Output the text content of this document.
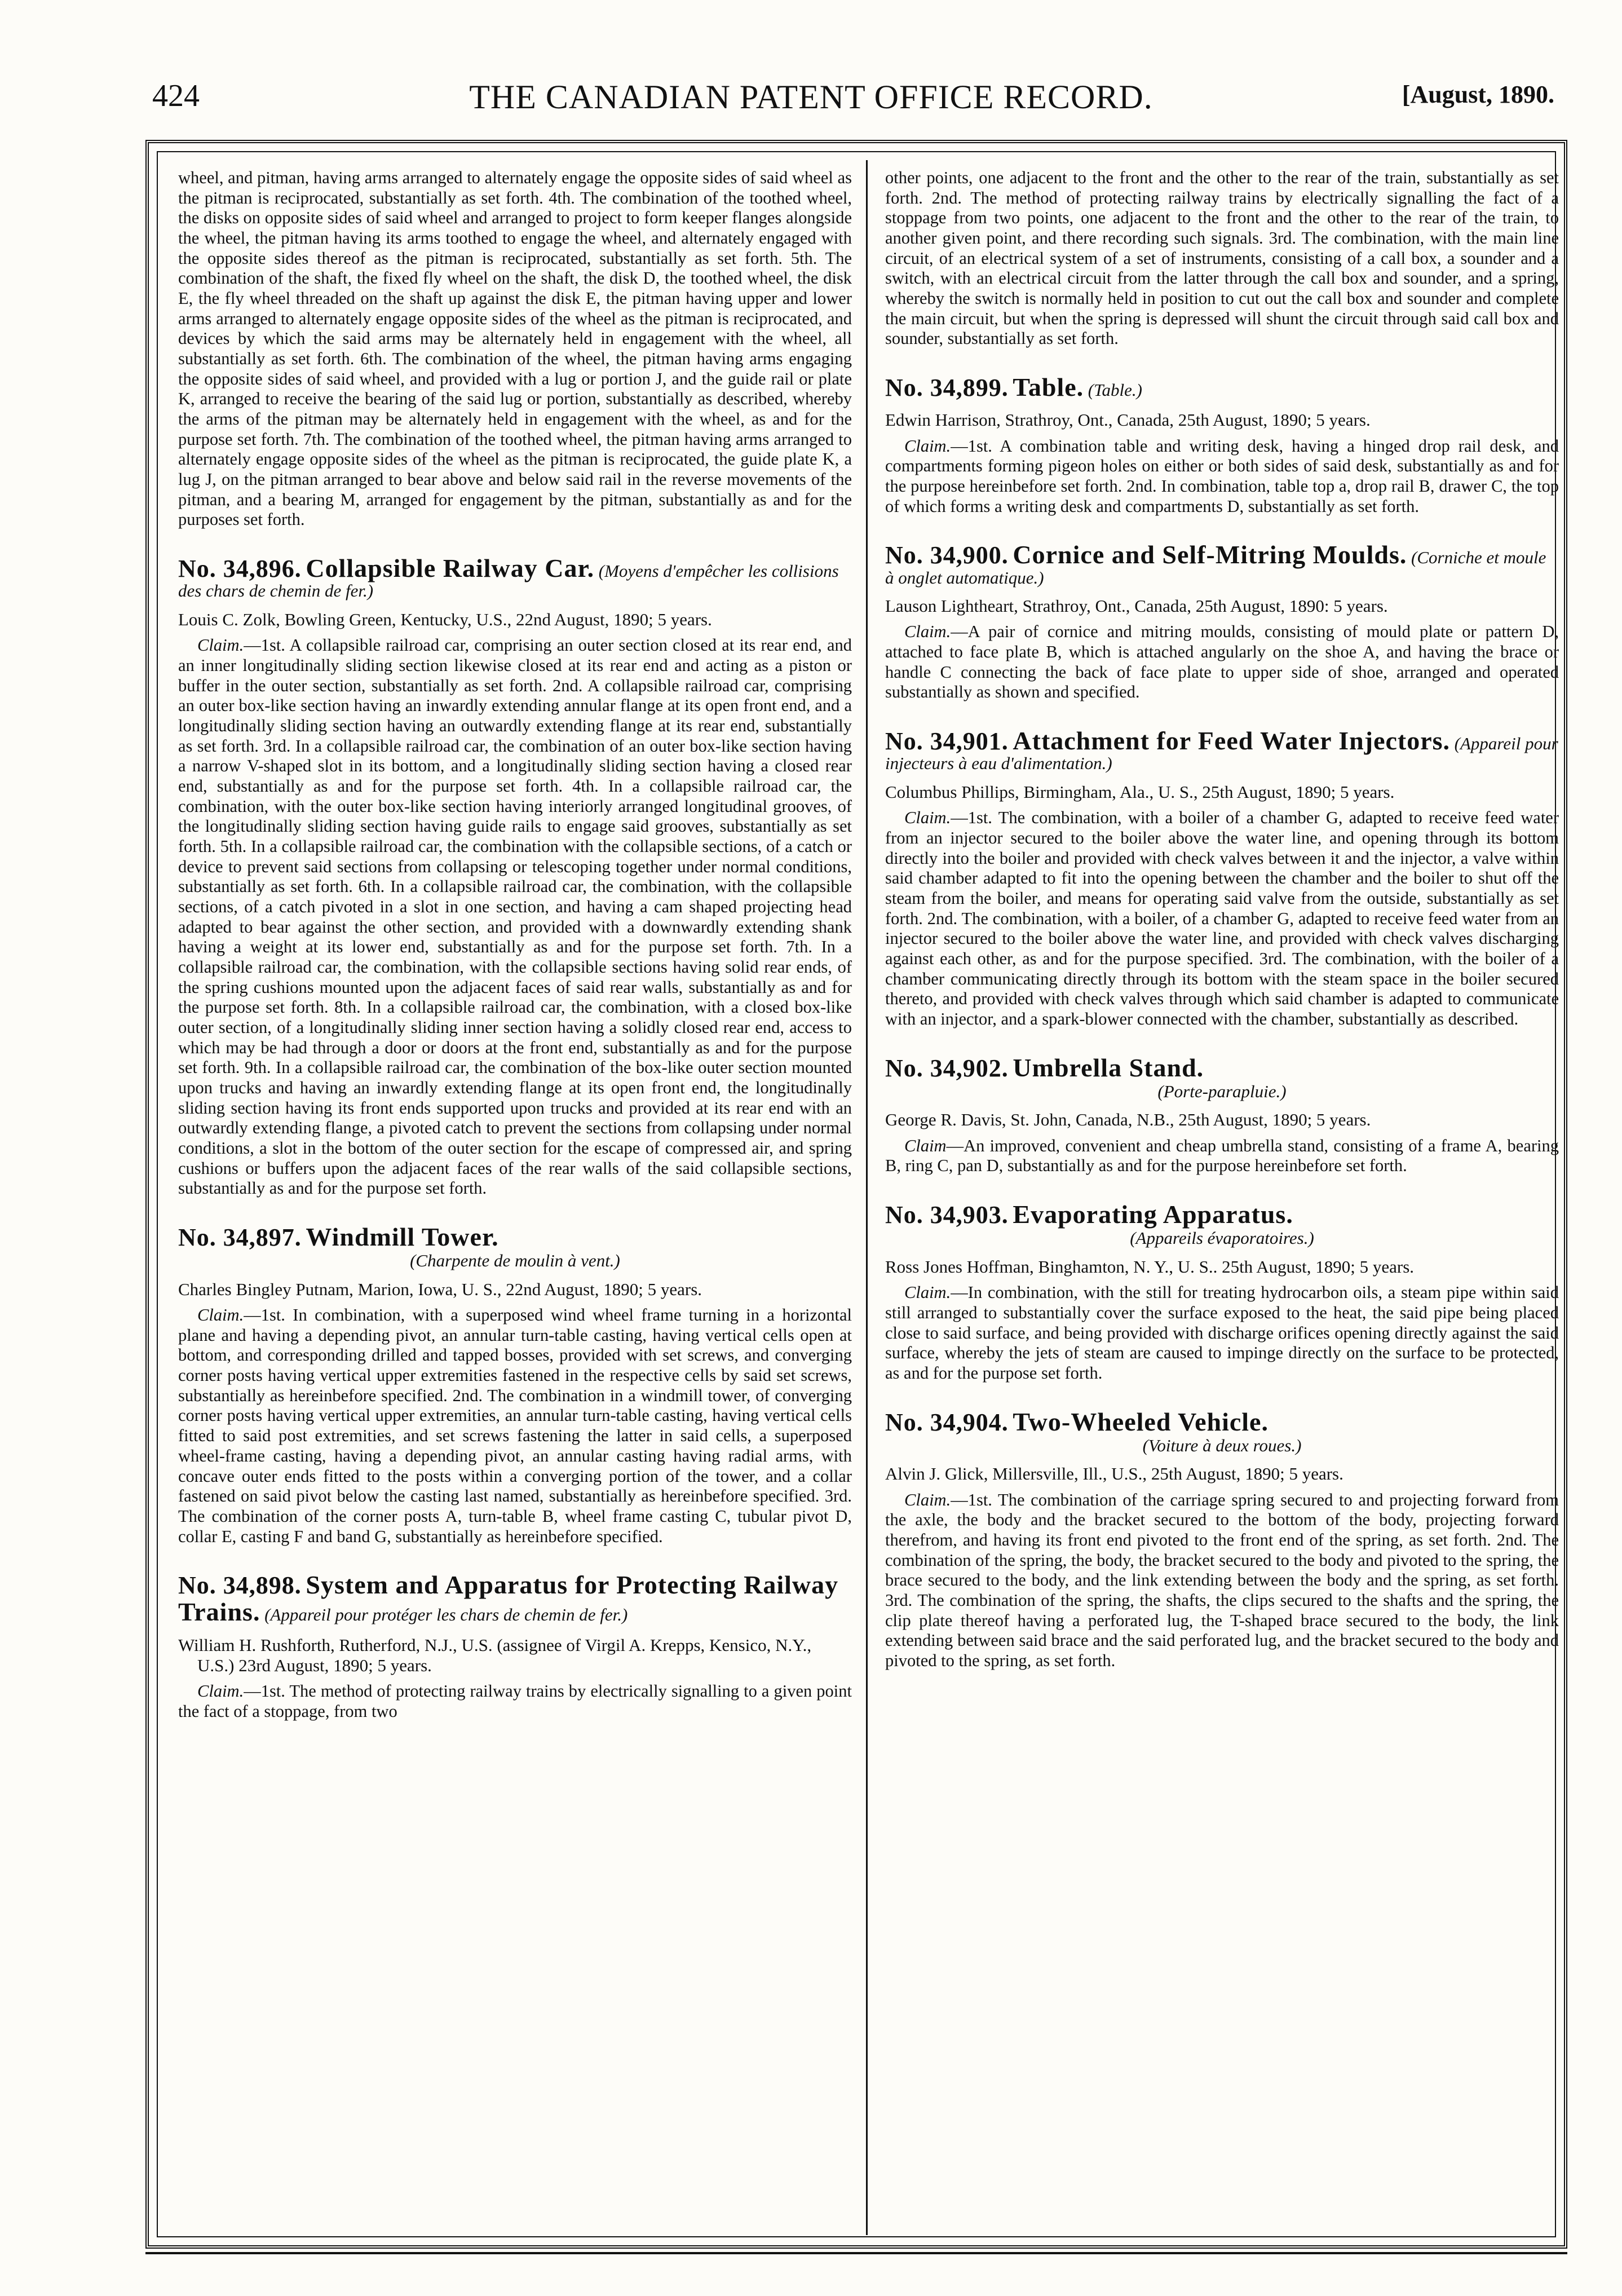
424	THE CANADIAN PATENT OFFICE RECORD.	[August, 1890.

wheel, and pitman, having arms arranged to alternately engage the opposite sides of said wheel as the pitman is reciprocated, substantially as set forth. 4th. The combination of the toothed wheel, the disks on opposite sides of said wheel and arranged to project to form keeper flanges alongside the wheel, the pitman having its arms toothed to engage the wheel, and alternately engaged with the opposite sides thereof as the pitman is reciprocated, substantially as set forth. 5th. The combination of the shaft, the fixed fly wheel on the shaft, the disk D, the toothed wheel, the disk E, the fly wheel threaded on the shaft up against the disk E, the pitman having upper and lower arms arranged to alternately engage opposite sides of the wheel as the pitman is reciprocated, and devices by which the said arms may be alternately held in engagement with the wheel, all substantially as set forth. 6th. The combination of the wheel, the pitman having arms engaging the opposite sides of said wheel, and provided with a lug or portion J, and the guide rail or plate K, arranged to receive the bearing of the said lug or portion, substantially as described, whereby the arms of the pitman may be alternately held in engagement with the wheel, as and for the purpose set forth. 7th. The combination of the toothed wheel, the pitman having arms arranged to alternately engage opposite sides of the wheel as the pitman is reciprocated, the guide plate K, a lug J, on the pitman arranged to bear above and below said rail in the reverse movements of the pitman, and a bearing M, arranged for engagement by the pitman, substantially as and for the purposes set forth.

No. 34,896. Collapsible Railway Car. (Moyens d'empêcher les collisions des chars de chemin de fer.)

Louis C. Zolk, Bowling Green, Kentucky, U.S., 22nd August, 1890; 5 years.

Claim.—1st. A collapsible railroad car, comprising an outer section closed at its rear end, and an inner longitudinally sliding section likewise closed at its rear end and acting as a piston or buffer in the outer section, substantially as set forth. 2nd. A collapsible railroad car, comprising an outer box-like section having an inwardly extending annular flange at its open front end, and a longitudinally sliding section having an outwardly extending flange at its rear end, substantially as set forth. 3rd. In a collapsible railroad car, the combination of an outer box-like section having a narrow V-shaped slot in its bottom, and a longitudinally sliding section having a closed rear end, substantially as and for the purpose set forth. 4th. In a collapsible railroad car, the combination, with the outer box-like section having interiorly arranged longitudinal grooves, of the longitudinally sliding section having guide rails to engage said grooves, substantially as set forth. 5th. In a collapsible railroad car, the combination with the collapsible sections, of a catch or device to prevent said sections from collapsing or telescoping together under normal conditions, substantially as set forth. 6th. In a collapsible railroad car, the combination, with the collapsible sections, of a catch pivoted in a slot in one section, and having a cam shaped projecting head adapted to bear against the other section, and provided with a downwardly extending shank having a weight at its lower end, substantially as and for the purpose set forth. 7th. In a collapsible railroad car, the combination, with the collapsible sections having solid rear ends, of the spring cushions mounted upon the adjacent faces of said rear walls, substantially as and for the purpose set forth. 8th. In a collapsible railroad car, the combination, with a closed box-like outer section, of a longitudinally sliding inner section having a solidly closed rear end, access to which may be had through a door or doors at the front end, substantially as and for the purpose set forth. 9th. In a collapsible railroad car, the combination of the box-like outer section mounted upon trucks and having an inwardly extending flange at its open front end, the longitudinally sliding section having its front ends supported upon trucks and provided at its rear end with an outwardly extending flange, a pivoted catch to prevent the sections from collapsing under normal conditions, a slot in the bottom of the outer section for the escape of compressed air, and spring cushions or buffers upon the adjacent faces of the rear walls of the said collapsible sections, substantially as and for the purpose set forth.

No. 34,897. Windmill Tower.
(Charpente de moulin à vent.)

Charles Bingley Putnam, Marion, Iowa, U. S., 22nd August, 1890; 5 years.

Claim.—1st. In combination, with a superposed wind wheel frame turning in a horizontal plane and having a depending pivot, an annular turn-table casting, having vertical cells open at bottom, and corresponding drilled and tapped bosses, provided with set screws, and converging corner posts having vertical upper extremities fastened in the respective cells by said set screws, substantially as hereinbefore specified. 2nd. The combination in a windmill tower, of converging corner posts having vertical upper extremities, an annular turn-table casting, having vertical cells fitted to said post extremities, and set screws fastening the latter in said cells, a superposed wheel-frame casting, having a depending pivot, an annular casting having radial arms, with concave outer ends fitted to the posts within a converging portion of the tower, and a collar fastened on said pivot below the casting last named, substantially as hereinbefore specified. 3rd. The combination of the corner posts A, turn-table B, wheel frame casting C, tubular pivot D, collar E, casting F and band G, substantially as hereinbefore specified.

No. 34,898. System and Apparatus for Protecting Railway Trains. (Appareil pour protéger les chars de chemin de fer.)

William H. Rushforth, Rutherford, N.J., U.S. (assignee of Virgil A. Krepps, Kensico, N.Y., U.S.) 23rd August, 1890; 5 years.

Claim.—1st. The method of protecting railway trains by electrically signalling to a given point the fact of a stoppage, from two

other points, one adjacent to the front and the other to the rear of the train, substantially as set forth. 2nd. The method of protecting railway trains by electrically signalling the fact of a stoppage from two points, one adjacent to the front and the other to the rear of the train, to another given point, and there recording such signals. 3rd. The combination, with the main line circuit, of an electrical system of a set of instruments, consisting of a call box, a sounder and a switch, with an electrical circuit from the latter through the call box and sounder, and a spring, whereby the switch is normally held in position to cut out the call box and sounder and complete the main circuit, but when the spring is depressed will shunt the circuit through said call box and sounder, substantially as set forth.

No. 34,899. Table. (Table.)

Edwin Harrison, Strathroy, Ont., Canada, 25th August, 1890; 5 years.

Claim.—1st. A combination table and writing desk, having a hinged drop rail desk, and compartments forming pigeon holes on either or both sides of said desk, substantially as and for the purpose hereinbefore set forth. 2nd. In combination, table top a, drop rail B, drawer C, the top of which forms a writing desk and compartments D, substantially as set forth.

No. 34,900. Cornice and Self-Mitring Moulds. (Corniche et moule à onglet automatique.)

Lauson Lightheart, Strathroy, Ont., Canada, 25th August, 1890: 5 years.

Claim.—A pair of cornice and mitring moulds, consisting of mould plate or pattern D, attached to face plate B, which is attached angularly on the shoe A, and having the brace or handle C connecting the back of face plate to upper side of shoe, arranged and operated substantially as shown and specified.

No. 34,901. Attachment for Feed Water Injectors. (Appareil pour injecteurs à eau d'alimentation.)

Columbus Phillips, Birmingham, Ala., U. S., 25th August, 1890; 5 years.

Claim.—1st. The combination, with a boiler of a chamber G, adapted to receive feed water from an injector secured to the boiler above the water line, and opening through its bottom directly into the boiler and provided with check valves between it and the injector, a valve within said chamber adapted to fit into the opening between the chamber and the boiler to shut off the steam from the boiler, and means for operating said valve from the outside, substantially as set forth. 2nd. The combination, with a boiler, of a chamber G, adapted to receive feed water from an injector secured to the boiler above the water line, and provided with check valves discharging against each other, as and for the purpose specified. 3rd. The combination, with the boiler of a chamber communicating directly through its bottom with the steam space in the boiler secured thereto, and provided with check valves through which said chamber is adapted to communicate with an injector, and a spark-blower connected with the chamber, substantially as described.

No. 34,902. Umbrella Stand.
(Porte-parapluie.)

George R. Davis, St. John, Canada, N.B., 25th August, 1890; 5 years.

Claim—An improved, convenient and cheap umbrella stand, consisting of a frame A, bearing B, ring C, pan D, substantially as and for the purpose hereinbefore set forth.

No. 34,903. Evaporating Apparatus.
(Appareils évaporatoires.)

Ross Jones Hoffman, Binghamton, N. Y., U. S.. 25th August, 1890; 5 years.

Claim.—In combination, with the still for treating hydrocarbon oils, a steam pipe within said still arranged to substantially cover the surface exposed to the heat, the said pipe being placed close to said surface, and being provided with discharge orifices opening directly against the said surface, whereby the jets of steam are caused to impinge directly on the surface to be protected, as and for the purpose set forth.

No. 34,904. Two-Wheeled Vehicle.
(Voiture à deux roues.)

Alvin J. Glick, Millersville, Ill., U.S., 25th August, 1890; 5 years.

Claim.—1st. The combination of the carriage spring secured to and projecting forward from the axle, the body and the bracket secured to the bottom of the body, projecting forward therefrom, and having its front end pivoted to the front end of the spring, as set forth. 2nd. The combination of the spring, the body, the bracket secured to the body and pivoted to the spring, the brace secured to the body, and the link extending between the body and the spring, as set forth. 3rd. The combination of the spring, the shafts, the clips secured to the shafts and the spring, the clip plate thereof having a perforated lug, the T-shaped brace secured to the body, the link extending between said brace and the said perforated lug, and the bracket secured to the body and pivoted to the spring, as set forth.
